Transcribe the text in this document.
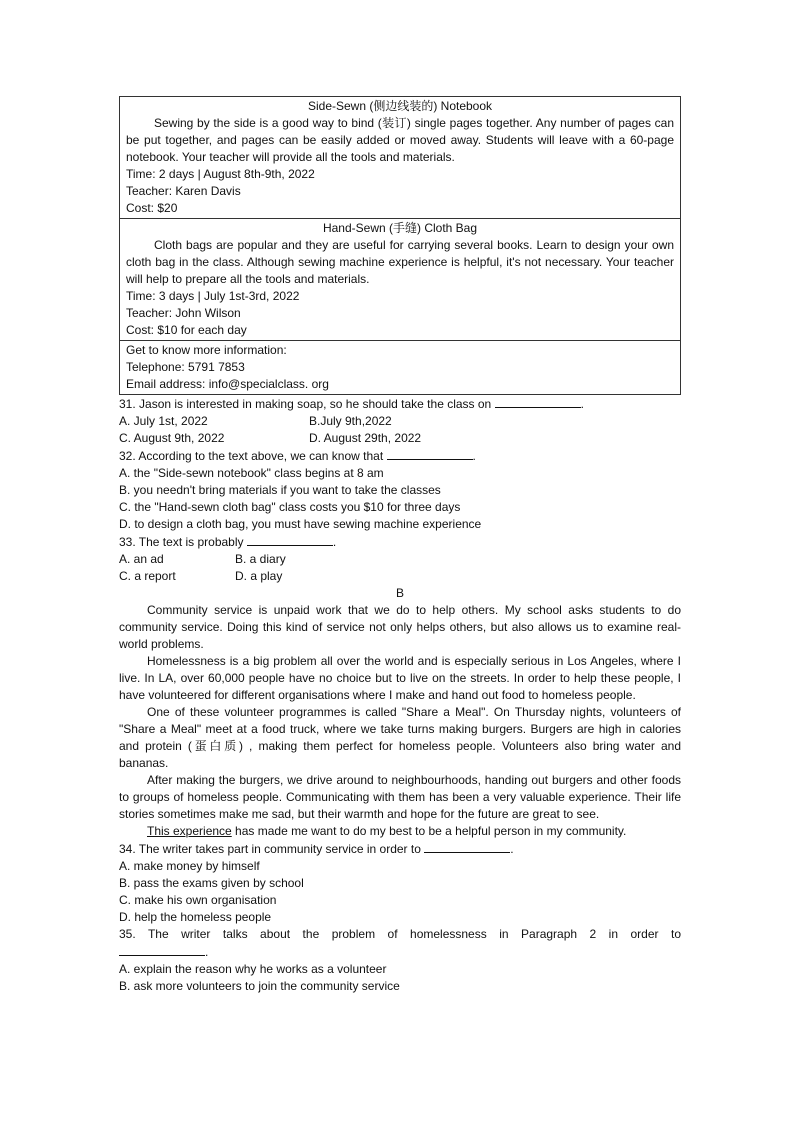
Side-Sewn (侧边线装的) Notebook

Sewing by the side is a good way to bind (装订) single pages together. Any number of pages can be put together, and pages can be easily added or moved away. Students will leave with a 60-page notebook. Your teacher will provide all the tools and materials.

Time: 2 days | August 8th-9th, 2022
Teacher: Karen Davis
Cost: $20

Hand-Sewn (手缝) Cloth Bag

Cloth bags are popular and they are useful for carrying several books. Learn to design your own cloth bag in the class. Although sewing machine experience is helpful, it's not necessary. Your teacher will help to prepare all the tools and materials.

Time: 3 days | July 1st-3rd, 2022
Teacher: John Wilson
Cost: $10 for each day

Get to know more information:
Telephone: 5791 7853
Email address: info@specialclass. org

31. Jason is interested in making soap, so he should take the class on	.

A. July 1st, 2022	B.July 9th,2022
C. August 9th, 2022	D. August 29th, 2022

32. According to the text above, we can know that	.

A. the "Side-sewn notebook" class begins at 8 am
B. you needn't bring materials if you want to take the classes
C. the "Hand-sewn cloth bag" class costs you $10 for three days
D. to design a cloth bag, you must have sewing machine experience

33. The text is probably	.

A. an ad	B. a diary
C. a report	D. a play

B

Community service is unpaid work that we do to help others. My school asks students to do community service. Doing this kind of service not only helps others, but also allows us to examine real-world problems.

Homelessness is a big problem all over the world and is especially serious in Los Angeles, where I live. In LA, over 60,000 people have no choice but to live on the streets. In order to help these people, I have volunteered for different organisations where I make and hand out food to homeless people.

One of these volunteer programmes is called "Share a Meal". On Thursday nights, volunteers of "Share a Meal" meet at a food truck, where we take turns making burgers. Burgers are high in calories and protein (蛋白质) , making them perfect for homeless people. Volunteers also bring water and bananas.

After making the burgers, we drive around to neighbourhoods, handing out burgers and other foods to groups of homeless people. Communicating with them has been a very valuable experience. Their life stories sometimes make me sad, but their warmth and hope for the future are great to see.

This experience has made me want to do my best to be a helpful person in my community.

34. The writer takes part in community service in order to	.

A. make money by himself
B. pass the exams given by school
C. make his own organisation
D. help the homeless people

35. The writer talks about the problem of homelessness in Paragraph 2 in order to

.

A. explain the reason why he works as a volunteer
B. ask more volunteers to join the community service
